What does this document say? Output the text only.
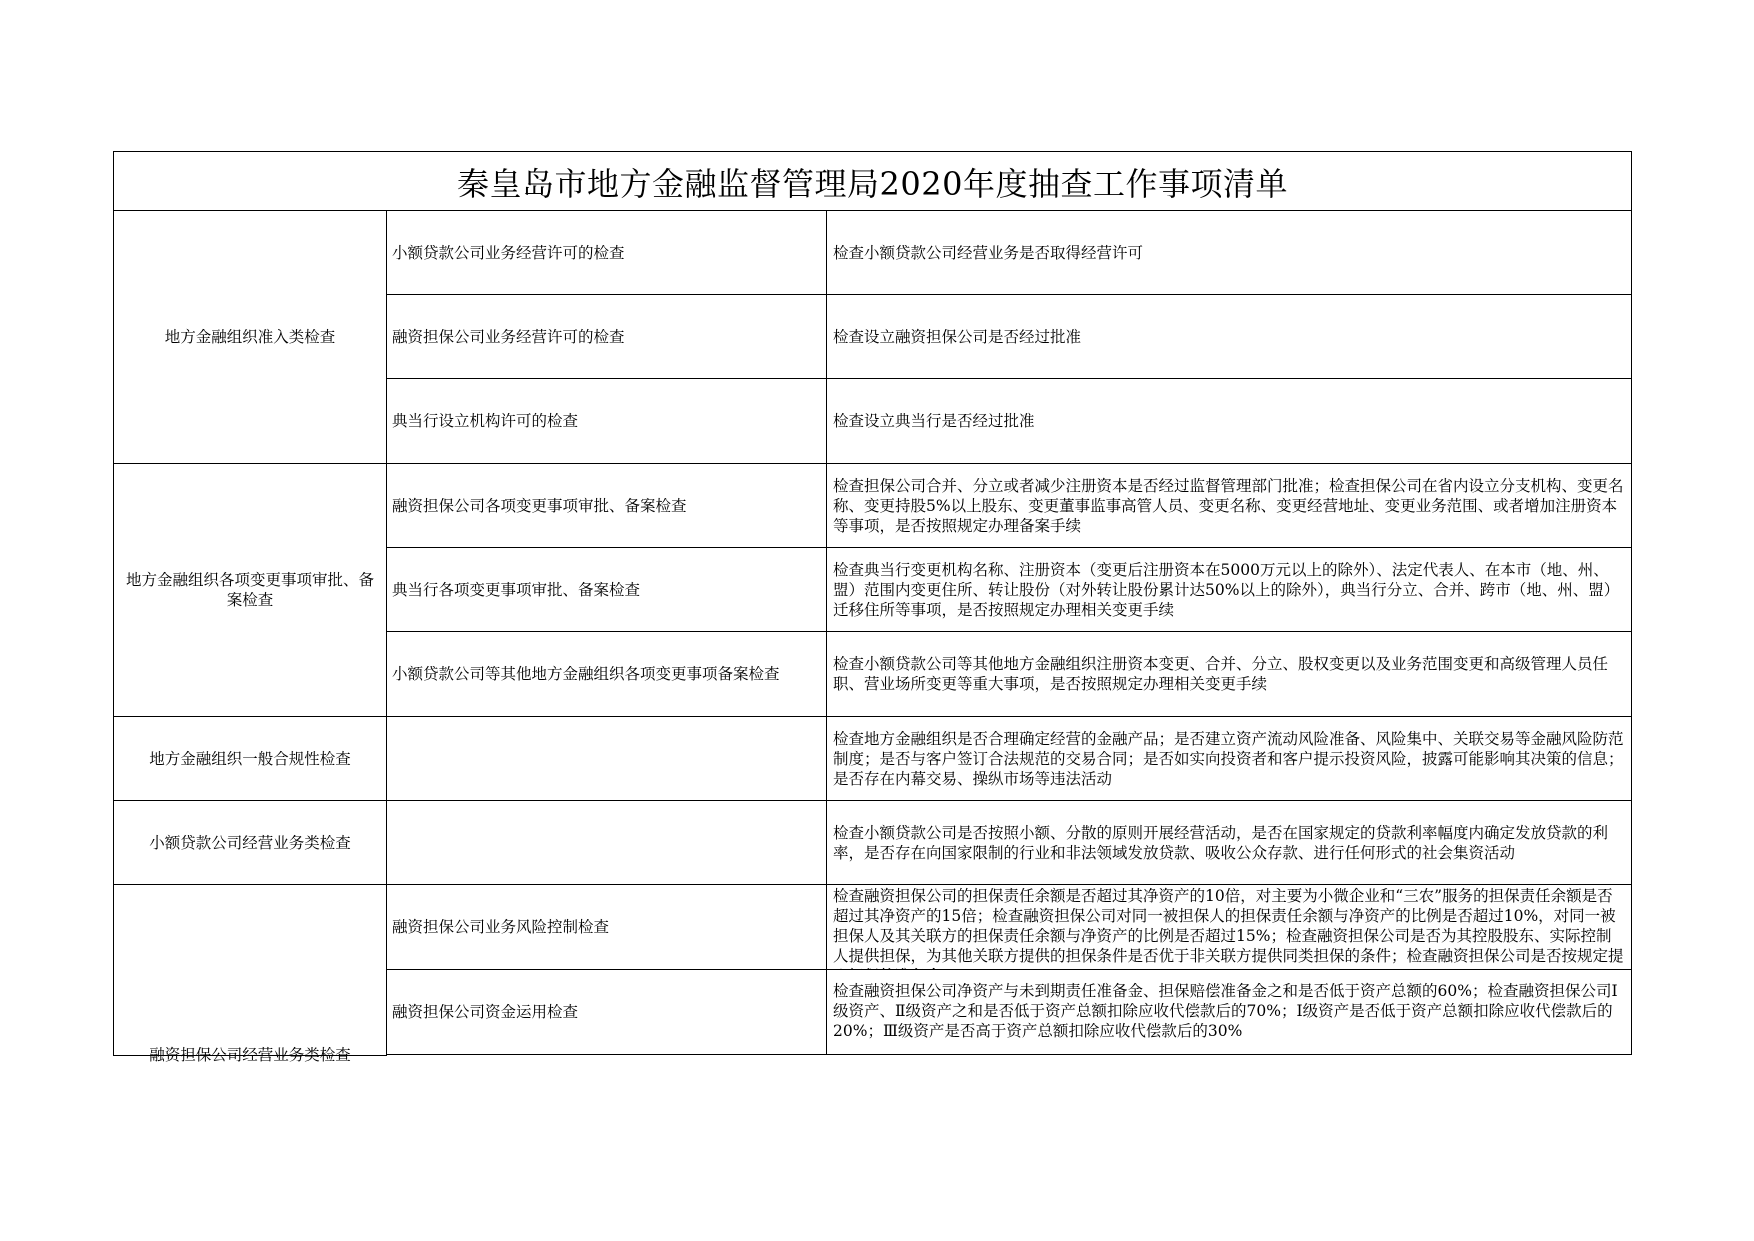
秦皇岛市地方金融监督管理局2020年度抽查工作事项清单
地方金融组织准入类检查
地方金融组织各项变更事项审批、备案检查
地方金融组织一般合规性检查
小额贷款公司经营业务类检查
融资担保公司经营业务类检查
小额贷款公司业务经营许可的检查
融资担保公司业务经营许可的检查
典当行设立机构许可的检查
融资担保公司各项变更事项审批、备案检查
典当行各项变更事项审批、备案检查
小额贷款公司等其他地方金融组织各项变更事项备案检查
融资担保公司业务风险控制检查
融资担保公司资金运用检查
检查小额贷款公司经营业务是否取得经营许可
检查设立融资担保公司是否经过批准
检查设立典当行是否经过批准
检查担保公司合并、分立或者减少注册资本是否经过监督管理部门批准；检查担保公司在省内设立分支机构、变更名称、变更持股5%以上股东、变更董事监事高管人员、变更名称、变更经营地址、变更业务范围、或者增加注册资本等事项，是否按照规定办理备案手续
检查典当行变更机构名称、注册资本（变更后注册资本在5000万元以上的除外）、法定代表人、在本市（地、州、盟）范围内变更住所、转让股份（对外转让股份累计达50%以上的除外），典当行分立、合并、跨市（地、州、盟）迁移住所等事项，是否按照规定办理相关变更手续
检查小额贷款公司等其他地方金融组织注册资本变更、合并、分立、股权变更以及业务范围变更和高级管理人员任职、营业场所变更等重大事项，是否按照规定办理相关变更手续
检查地方金融组织是否合理确定经营的金融产品；是否建立资产流动风险准备、风险集中、关联交易等金融风险防范制度；是否与客户签订合法规范的交易合同；是否如实向投资者和客户提示投资风险，披露可能影响其决策的信息；是否存在内幕交易、操纵市场等违法活动
检查小额贷款公司是否按照小额、分散的原则开展经营活动，是否在国家规定的贷款利率幅度内确定发放贷款的利率，是否存在向国家限制的行业和非法领域发放贷款、吸收公众存款、进行任何形式的社会集资活动
检查融资担保公司的担保责任余额是否超过其净资产的10倍，对主要为小微企业和“三农”服务的担保责任余额是否超过其净资产的15倍；检查融资担保公司对同一被担保人的担保责任余额与净资产的比例是否超过10%，对同一被担保人及其关联方的担保责任余额与净资产的比例是否超过15%；检查融资担保公司是否为其控股股东、实际控制人提供担保，为其他关联方提供的担保条件是否优于非关联方提供同类担保的条件；检查融资担保公司是否按规定提
检查融资担保公司净资产与未到期责任准备金、担保赔偿准备金之和是否低于资产总额的60%；检查融资担保公司Ⅰ级资产、Ⅱ级资产之和是否低于资产总额扣除应收代偿款后的70%；Ⅰ级资产是否低于资产总额扣除应收代偿款后的20%；Ⅲ级资产是否高于资产总额扣除应收代偿款后的30%
